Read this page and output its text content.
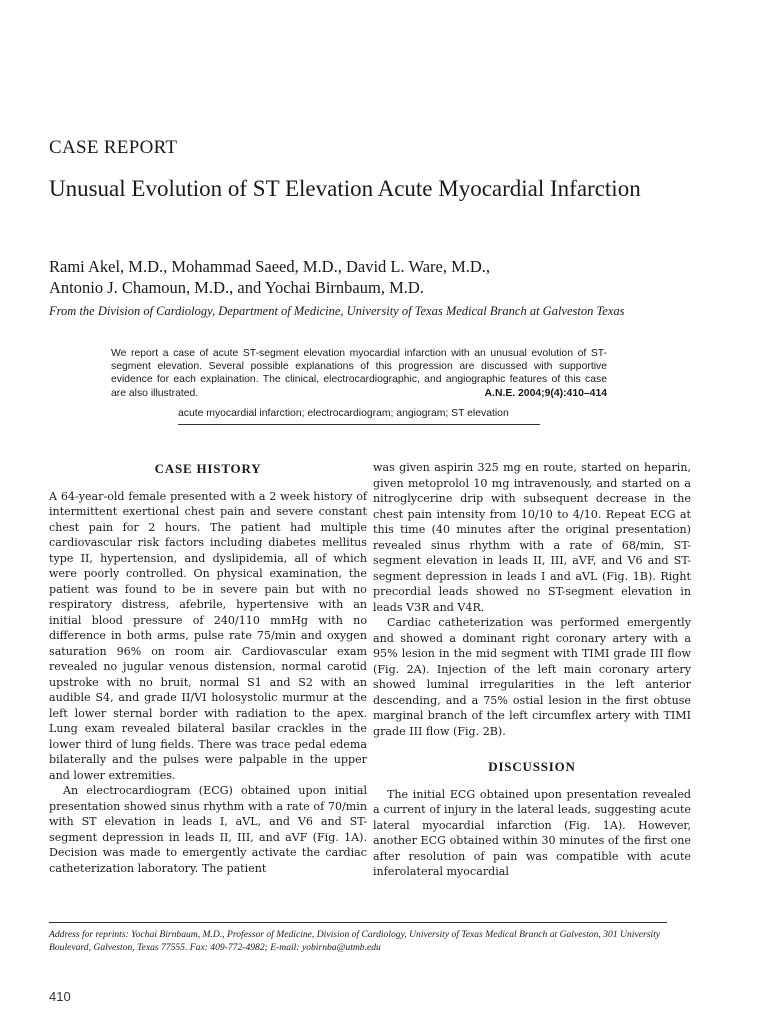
CASE REPORT
Unusual Evolution of ST Elevation Acute Myocardial Infarction
Rami Akel, M.D., Mohammad Saeed, M.D., David L. Ware, M.D.,
Antonio J. Chamoun, M.D., and Yochai Birnbaum, M.D.
From the Division of Cardiology, Department of Medicine, University of Texas Medical Branch at Galveston Texas
We report a case of acute ST-segment elevation myocardial infarction with an unusual evolution of ST-segment elevation. Several possible explanations of this progression are discussed with supportive evidence for each explaination. The clinical, electrocardiographic, and angiographic features of this case are also illustrated.	A.N.E. 2004;9(4):410–414
acute myocardial infarction; electrocardiogram; angiogram; ST elevation
CASE HISTORY

A 64-year-old female presented with a 2 week history of intermittent exertional chest pain and severe constant chest pain for 2 hours. The patient had multiple cardiovascular risk factors including diabetes mellitus type II, hypertension, and dyslipidemia, all of which were poorly controlled. On physical examination, the patient was found to be in severe pain but with no respiratory distress, afebrile, hypertensive with an initial blood pressure of 240/110 mmHg with no difference in both arms, pulse rate 75/min and oxygen saturation 96% on room air. Cardiovascular exam revealed no jugular venous distension, normal carotid upstroke with no bruit, normal S1 and S2 with an audible S4, and grade II/VI holosystolic murmur at the left lower sternal border with radiation to the apex. Lung exam revealed bilateral basilar crackles in the lower third of lung fields. There was trace pedal edema bilaterally and the pulses were palpable in the upper and lower extremities.

An electrocardiogram (ECG) obtained upon initial presentation showed sinus rhythm with a rate of 70/min with ST elevation in leads I, aVL, and V6 and ST-segment depression in leads II, III, and aVF (Fig. 1A). Decision was made to emergently activate the cardiac catheterization laboratory. The patient

was given aspirin 325 mg en route, started on heparin, given metoprolol 10 mg intravenously, and started on a nitroglycerine drip with subsequent decrease in the chest pain intensity from 10/10 to 4/10. Repeat ECG at this time (40 minutes after the original presentation) revealed sinus rhythm with a rate of 68/min, ST-segment elevation in leads II, III, aVF, and V6 and ST-segment depression in leads I and aVL (Fig. 1B). Right precordial leads showed no ST-segment elevation in leads V3R and V4R.

Cardiac catheterization was performed emergently and showed a dominant right coronary artery with a 95% lesion in the mid segment with TIMI grade III flow (Fig. 2A). Injection of the left main coronary artery showed luminal irregularities in the left anterior descending, and a 75% ostial lesion in the first obtuse marginal branch of the left circumflex artery with TIMI grade III flow (Fig. 2B).

DISCUSSION

The initial ECG obtained upon presentation revealed a current of injury in the lateral leads, suggesting acute lateral myocardial infarction (Fig. 1A). However, another ECG obtained within 30 minutes of the first one after resolution of pain was compatible with acute inferolateral myocardial

Address for reprints: Yochai Birnbaum, M.D., Professor of Medicine, Division of Cardiology, University of Texas Medical Branch at Galveston, 301 University Boulevard, Galveston, Texas 77555. Fax: 409-772-4982; E-mail: yobirnba@utmb.edu
410
